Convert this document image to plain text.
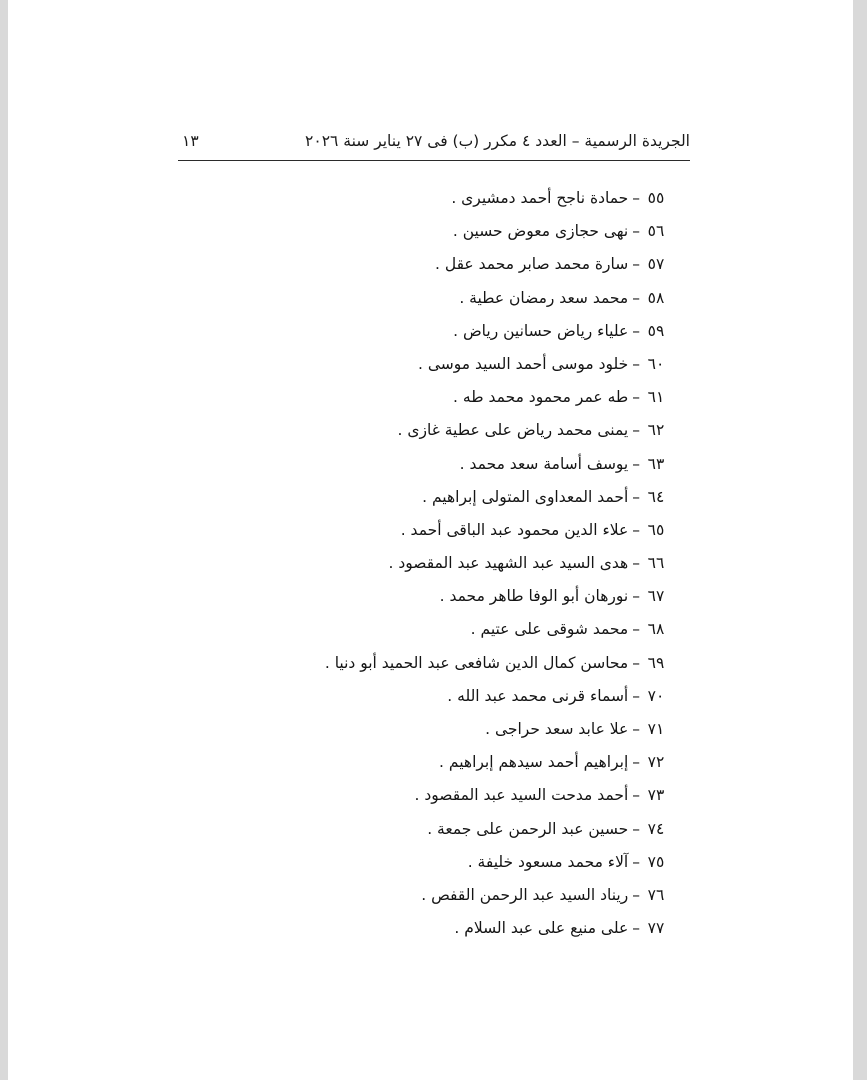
الجريدة الرسمية – العدد ٤ مكرر (ب) فى ٢٧ يناير سنة ٢٠٢٦
١٣
٥٥–حمادة ناجح أحمد دمشيرى .
٥٦–نهى حجازى معوض حسين .
٥٧–سارة محمد صابر محمد عقل .
٥٨–محمد سعد رمضان عطية .
٥٩–علياء رياض حسانين رياض .
٦٠–خلود موسى أحمد السيد موسى .
٦١–طه عمر محمود محمد طه .
٦٢–يمنى محمد رياض على عطية غازى .
٦٣–يوسف أسامة سعد محمد .
٦٤–أحمد المعداوى المتولى إبراهيم .
٦٥–علاء الدين محمود عبد الباقى أحمد .
٦٦–هدى السيد عبد الشهيد عبد المقصود .
٦٧–نورهان أبو الوفا طاهر محمد .
٦٨–محمد شوقى على عتيم .
٦٩–محاسن كمال الدين شافعى عبد الحميد أبو دنيا .
٧٠–أسماء قرنى محمد عبد الله .
٧١–علا عابد سعد حراجى .
٧٢–إبراهيم أحمد سيدهم إبراهيم .
٧٣–أحمد مدحت السيد عبد المقصود .
٧٤–حسين عبد الرحمن على جمعة .
٧٥–آلاء محمد مسعود خليفة .
٧٦–ريناد السيد عبد الرحمن القفص .
٧٧–على منيع على عبد السلام .
